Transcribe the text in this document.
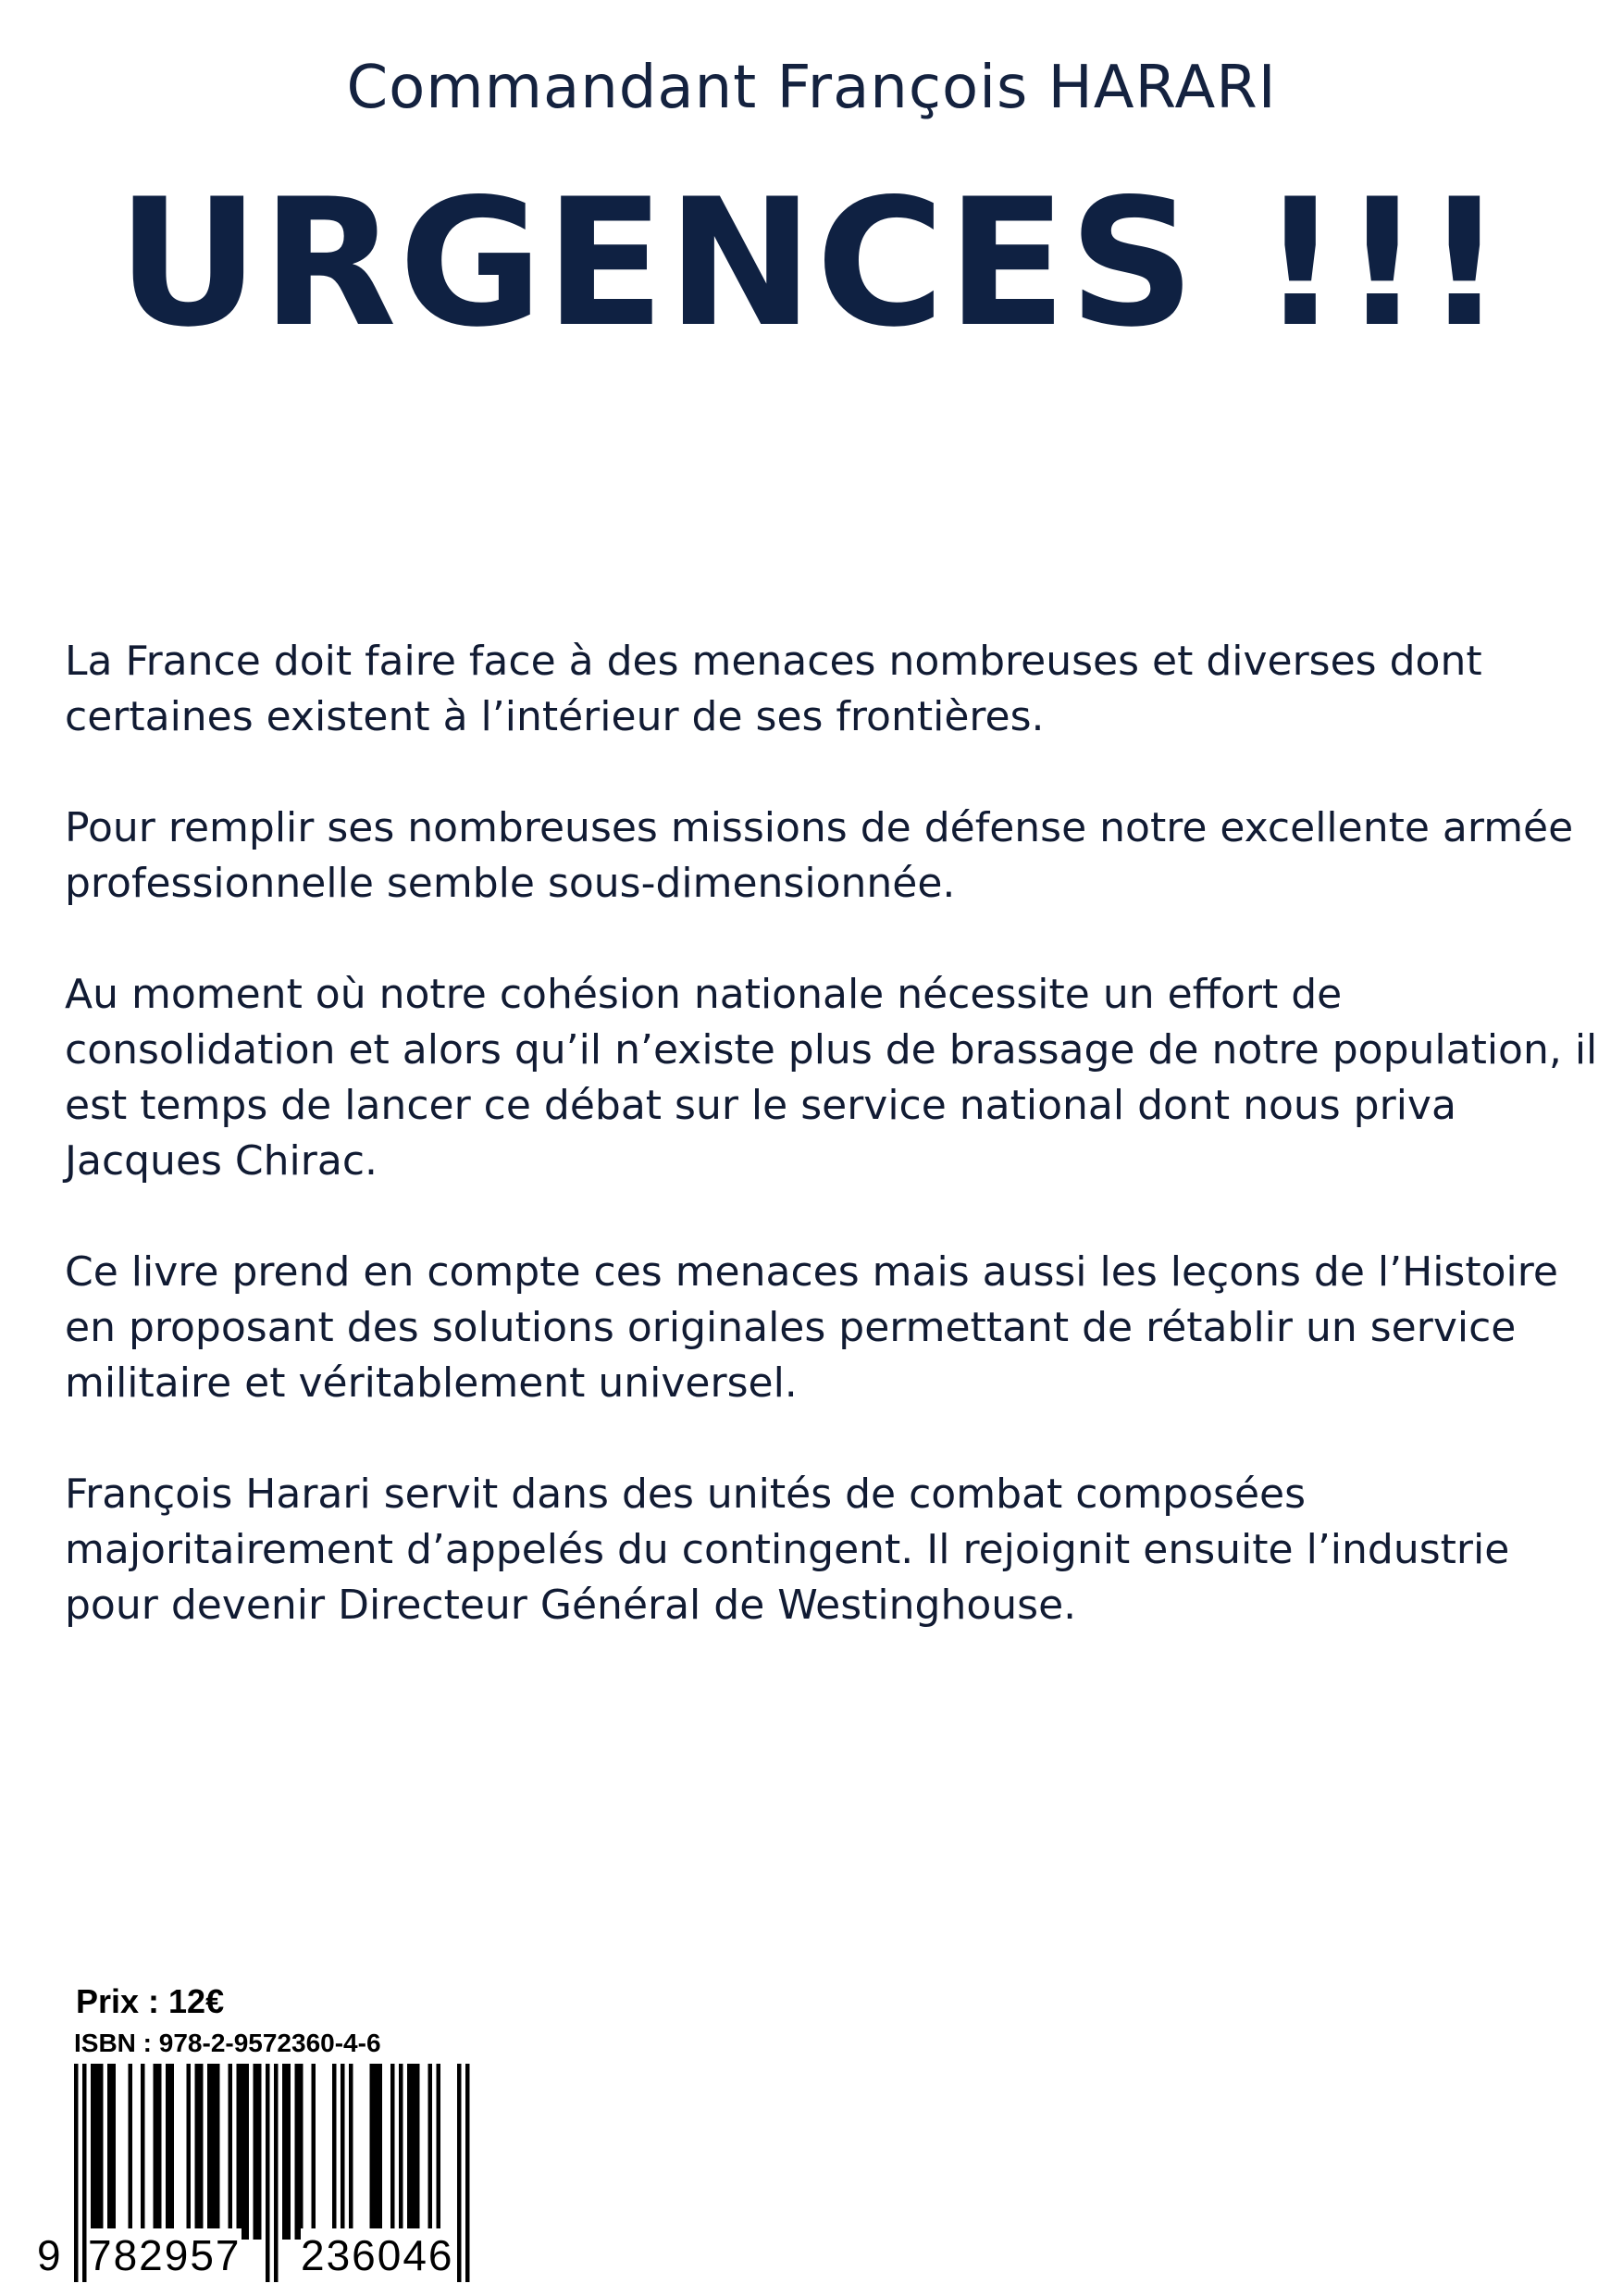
Commandant François HARARI
URGENCES !!!

La France doit faire face à des menaces nombreuses et diverses dont certaines existent à l’intérieur de ses frontières.

Pour remplir ses nombreuses missions de défense notre excellente armée professionnelle semble sous-dimensionnée.

Au moment où notre cohésion nationale nécessite un effort de consolidation et alors qu’il n’existe plus de brassage de notre population, il est temps de lancer ce débat sur le service national dont nous priva Jacques Chirac.

Ce livre prend en compte ces menaces mais aussi les leçons de l’Histoire en proposant des solutions originales permettant de rétablir un service militaire et véritablement universel.

François Harari servit dans des unités de combat composées majoritairement d’appelés du contingent. Il rejoignit ensuite l’industrie pour devenir Directeur Général de Westinghouse.

Prix : 12€
ISBN : 978-2-9572360-4-6
9 782957 236046
